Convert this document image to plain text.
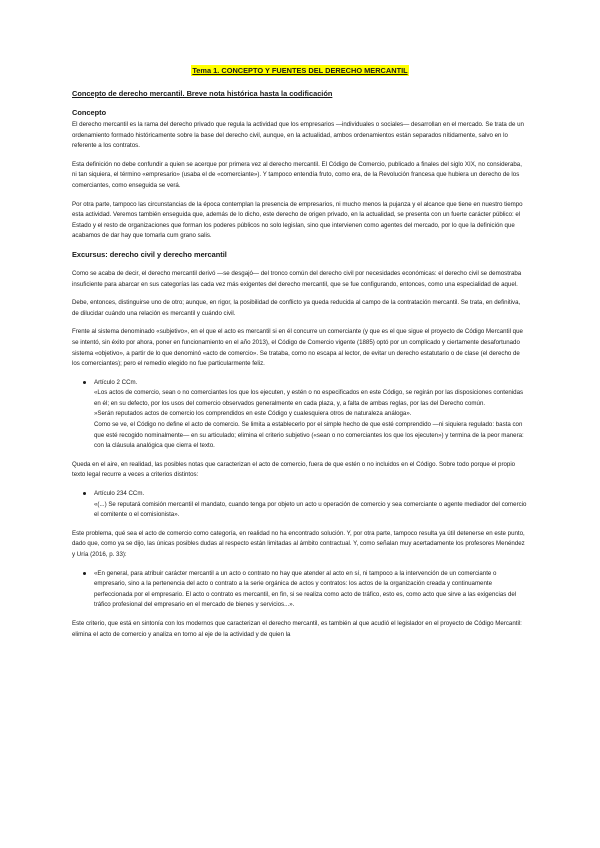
Tema 1. CONCEPTO Y FUENTES DEL DERECHO MERCANTIL
Concepto de derecho mercantil. Breve nota histórica hasta la codificación
Concepto

El derecho mercantil es la rama del derecho privado que regula la actividad que los empresarios —individuales o sociales— desarrollan en el mercado. Se trata de un ordenamiento formado históricamente sobre la base del derecho civil, aunque, en la actualidad, ambos ordenamientos están separados nítidamente, salvo en lo referente a los contratos.

Esta definición no debe confundir a quien se acerque por primera vez al derecho mercantil. El Código de Comercio, publicado a finales del siglo XIX, no consideraba, ni tan siquiera, el término «empresario» (usaba el de «comerciante»). Y tampoco entendía fruto, como era, de la Revolución francesa que hubiera un derecho de los comerciantes, como enseguida se verá.

Por otra parte, tampoco las circunstancias de la época contemplan la presencia de empresarios, ni mucho menos la pujanza y el alcance que tiene en nuestro tiempo esta actividad. Veremos también enseguida que, además de lo dicho, este derecho de origen privado, en la actualidad, se presenta con un fuerte carácter público: el Estado y el resto de organizaciones que forman los poderes públicos no solo legislan, sino que intervienen como agentes del mercado, por lo que la definición que acabamos de dar hay que tomarla cum grano salis.

Excursus: derecho civil y derecho mercantil

Como se acaba de decir, el derecho mercantil derivó —se desgajó— del tronco común del derecho civil por necesidades económicas: el derecho civil se demostraba insuficiente para abarcar en sus categorías las cada vez más exigentes del derecho mercantil, que se fue configurando, entonces, como una especialidad de aquel.

Debe, entonces, distinguirse uno de otro; aunque, en rigor, la posibilidad de conflicto ya queda reducida al campo de la contratación mercantil. Se trata, en definitiva, de dilucidar cuándo una relación es mercantil y cuándo civil.

Frente al sistema denominado «subjetivo», en el que el acto es mercantil si en él concurre un comerciante (y que es el que sigue el proyecto de Código Mercantil que se intentó, sin éxito por ahora, poner en funcionamiento en el año 2013), el Código de Comercio vigente (1885) optó por un complicado y ciertamente desafortunado sistema «objetivo», a partir de lo que denominó «acto de comercio». Se trataba, como no escapa al lector, de evitar un derecho estatutario o de clase (el derecho de los comerciantes); pero el remedio elegido no fue particularmente feliz.

Artículo 2 CCm.
«Los actos de comercio, sean o no comerciantes los que los ejecuten, y estén o no especificados en este Código, se regirán por las disposiciones contenidas en él; en su defecto, por los usos del comercio observados generalmente en cada plaza, y, a falta de ambas reglas, por las del Derecho común.
»Serán reputados actos de comercio los comprendidos en este Código y cualesquiera otros de naturaleza análoga».
Como se ve, el Código no define el acto de comercio. Se limita a establecerlo por el simple hecho de que esté comprendido —ni siquiera regulado: basta con que esté recogido nominalmente— en su articulado; elimina el criterio subjetivo («sean o no comerciantes los que los ejecuten») y termina de la peor manera: con la cláusula analógica que cierra el texto.

Queda en el aire, en realidad, las posibles notas que caracterizan el acto de comercio, fuera de que estén o no incluidos en el Código. Sobre todo porque el propio texto legal recurre a veces a criterios distintos:

Artículo 234 CCm.
«(...) Se reputará comisión mercantil el mandato, cuando tenga por objeto un acto u operación de comercio y sea comerciante o agente mediador del comercio el comitente o el comisionista».

Este problema, qué sea el acto de comercio como categoría, en realidad no ha encontrado solución. Y, por otra parte, tampoco resulta ya útil detenerse en este punto, dado que, como ya se dijo, las únicas posibles dudas al respecto están limitadas al ámbito contractual. Y, como señalan muy acertadamente los profesores Menéndez y Uría (2016, p. 33):

«En general, para atribuir carácter mercantil a un acto o contrato no hay que atender al acto en sí, ni tampoco a la intervención de un comerciante o empresario, sino a la pertenencia del acto o contrato a la serie orgánica de actos y contratos: los actos de la organización creada y continuamente perfeccionada por el empresario. El acto o contrato es mercantil, en fin, si se realiza como acto de tráfico, esto es, como acto que sirve a las exigencias del tráfico profesional del empresario en el mercado de bienes y servicios...».

Este criterio, que está en sintonía con los modernos que caracterizan el derecho mercantil, es también al que acudió el legislador en el proyecto de Código Mercantil: elimina el acto de comercio y analiza en torno al eje de la actividad y de quien la
